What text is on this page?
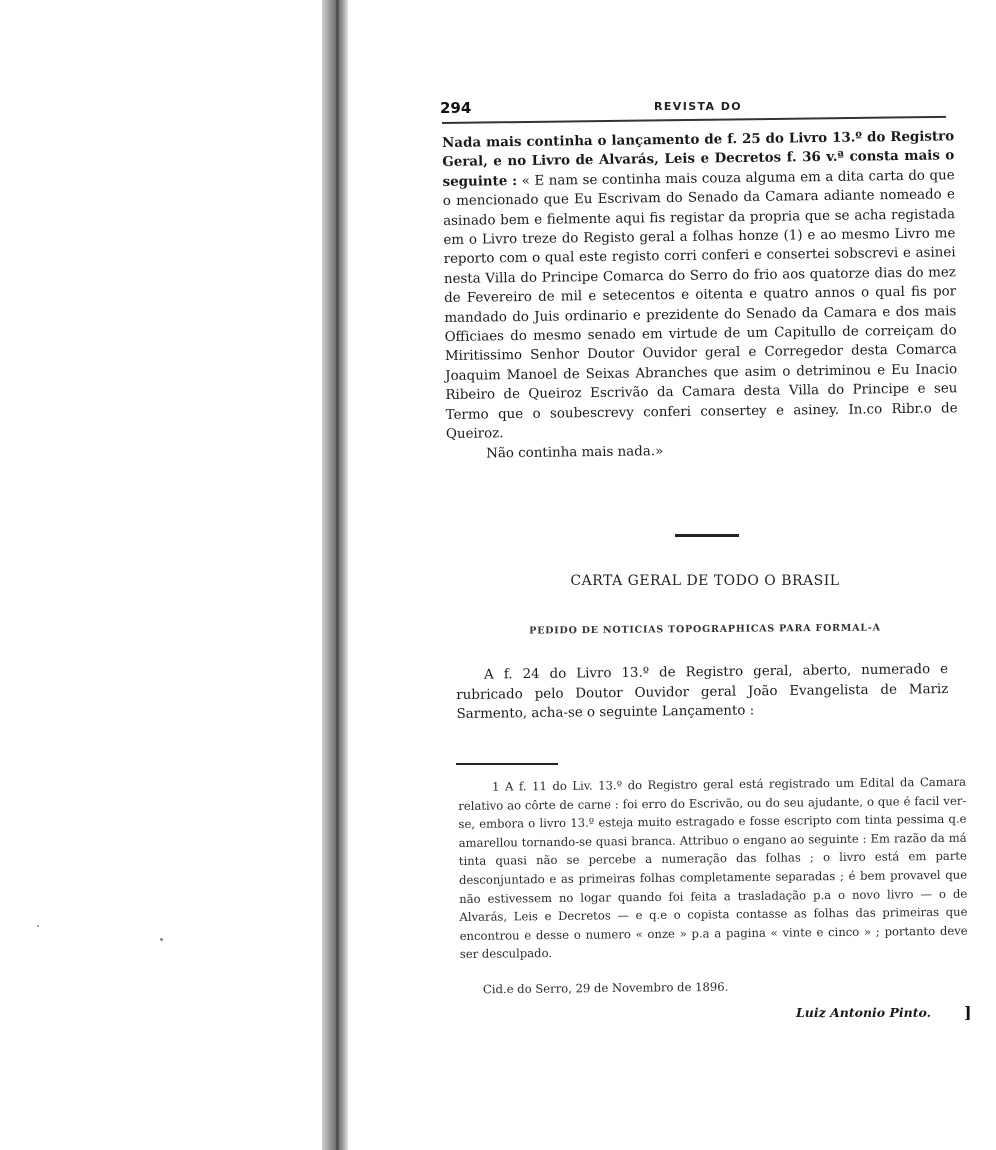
294	REVISTA DO

Nada mais continha o lançamento de f. 25 do Livro 13.º do Registro Geral, e no Livro de Alvarás, Leis e Decretos f. 36 v.ª consta mais o seguinte : « E nam se continha mais couza alguma em a dita carta do que o mencionado que Eu Escrivam do Senado da Camara adiante nomeado e asinado bem e fielmente aqui fis registar da propria que se acha registada em o Livro treze do Registo geral a folhas honze (1) e ao mesmo Livro me reporto com o qual este registo corri conferi e consertei sobscrevi e asinei nesta Villa do Principe Comarca do Serro do frio aos quatorze dias do mez de Fevereiro de mil e setecentos e oitenta e quatro annos o qual fis por mandado do Juis ordinario e prezidente do Senado da Camara e dos mais Officiaes do mesmo senado em virtude de um Capitullo de correiçam do Miritissimo Senhor Doutor Ouvidor geral e Corregedor desta Comarca Joaquim Manoel de Seixas Abranches que asim o detriminou e Eu Inacio Ribeiro de Queiroz Escrivão da Camara desta Villa do Principe e seu Termo que o soubescrevy conferi consertey e asiney. In.co Ribr.o de Queiroz.

Não continha mais nada.»

CARTA GERAL DE TODO O BRASIL
PEDIDO DE NOTICIAS TOPOGRAPHICAS PARA FORMAL-A

A f. 24 do Livro 13.º de Registro geral, aberto, numerado e rubricado pelo Doutor Ouvidor geral João Evangelista de Mariz Sarmento, acha-se o seguinte Lançamento :

1 A f. 11 do Liv. 13.º do Registro geral está registrado um Edital da Camara relativo ao côrte de carne : foi erro do Escrivão, ou do seu ajudante, o que é facil ver-se, embora o livro 13.º esteja muito estragado e fosse escripto com tinta pessima q.e amarellou tornando-se quasi branca. Attribuo o engano ao seguinte : Em razão da má tinta quasi não se percebe a numeração das folhas ; o livro está em parte desconjuntado e as primeiras folhas completamente separadas ; é bem provavel que não estivessem no logar quando foi feita a trasladação p.a o novo livro — o de Alvarás, Leis e Decretos — e q.e o copista contasse as folhas das primeiras que encontrou e desse o numero « onze » p.a a pagina « vinte e cinco » ; portanto deve ser desculpado.

Cid.e do Serro, 29 de Novembro de 1896.
Luiz Antonio Pinto. ]
